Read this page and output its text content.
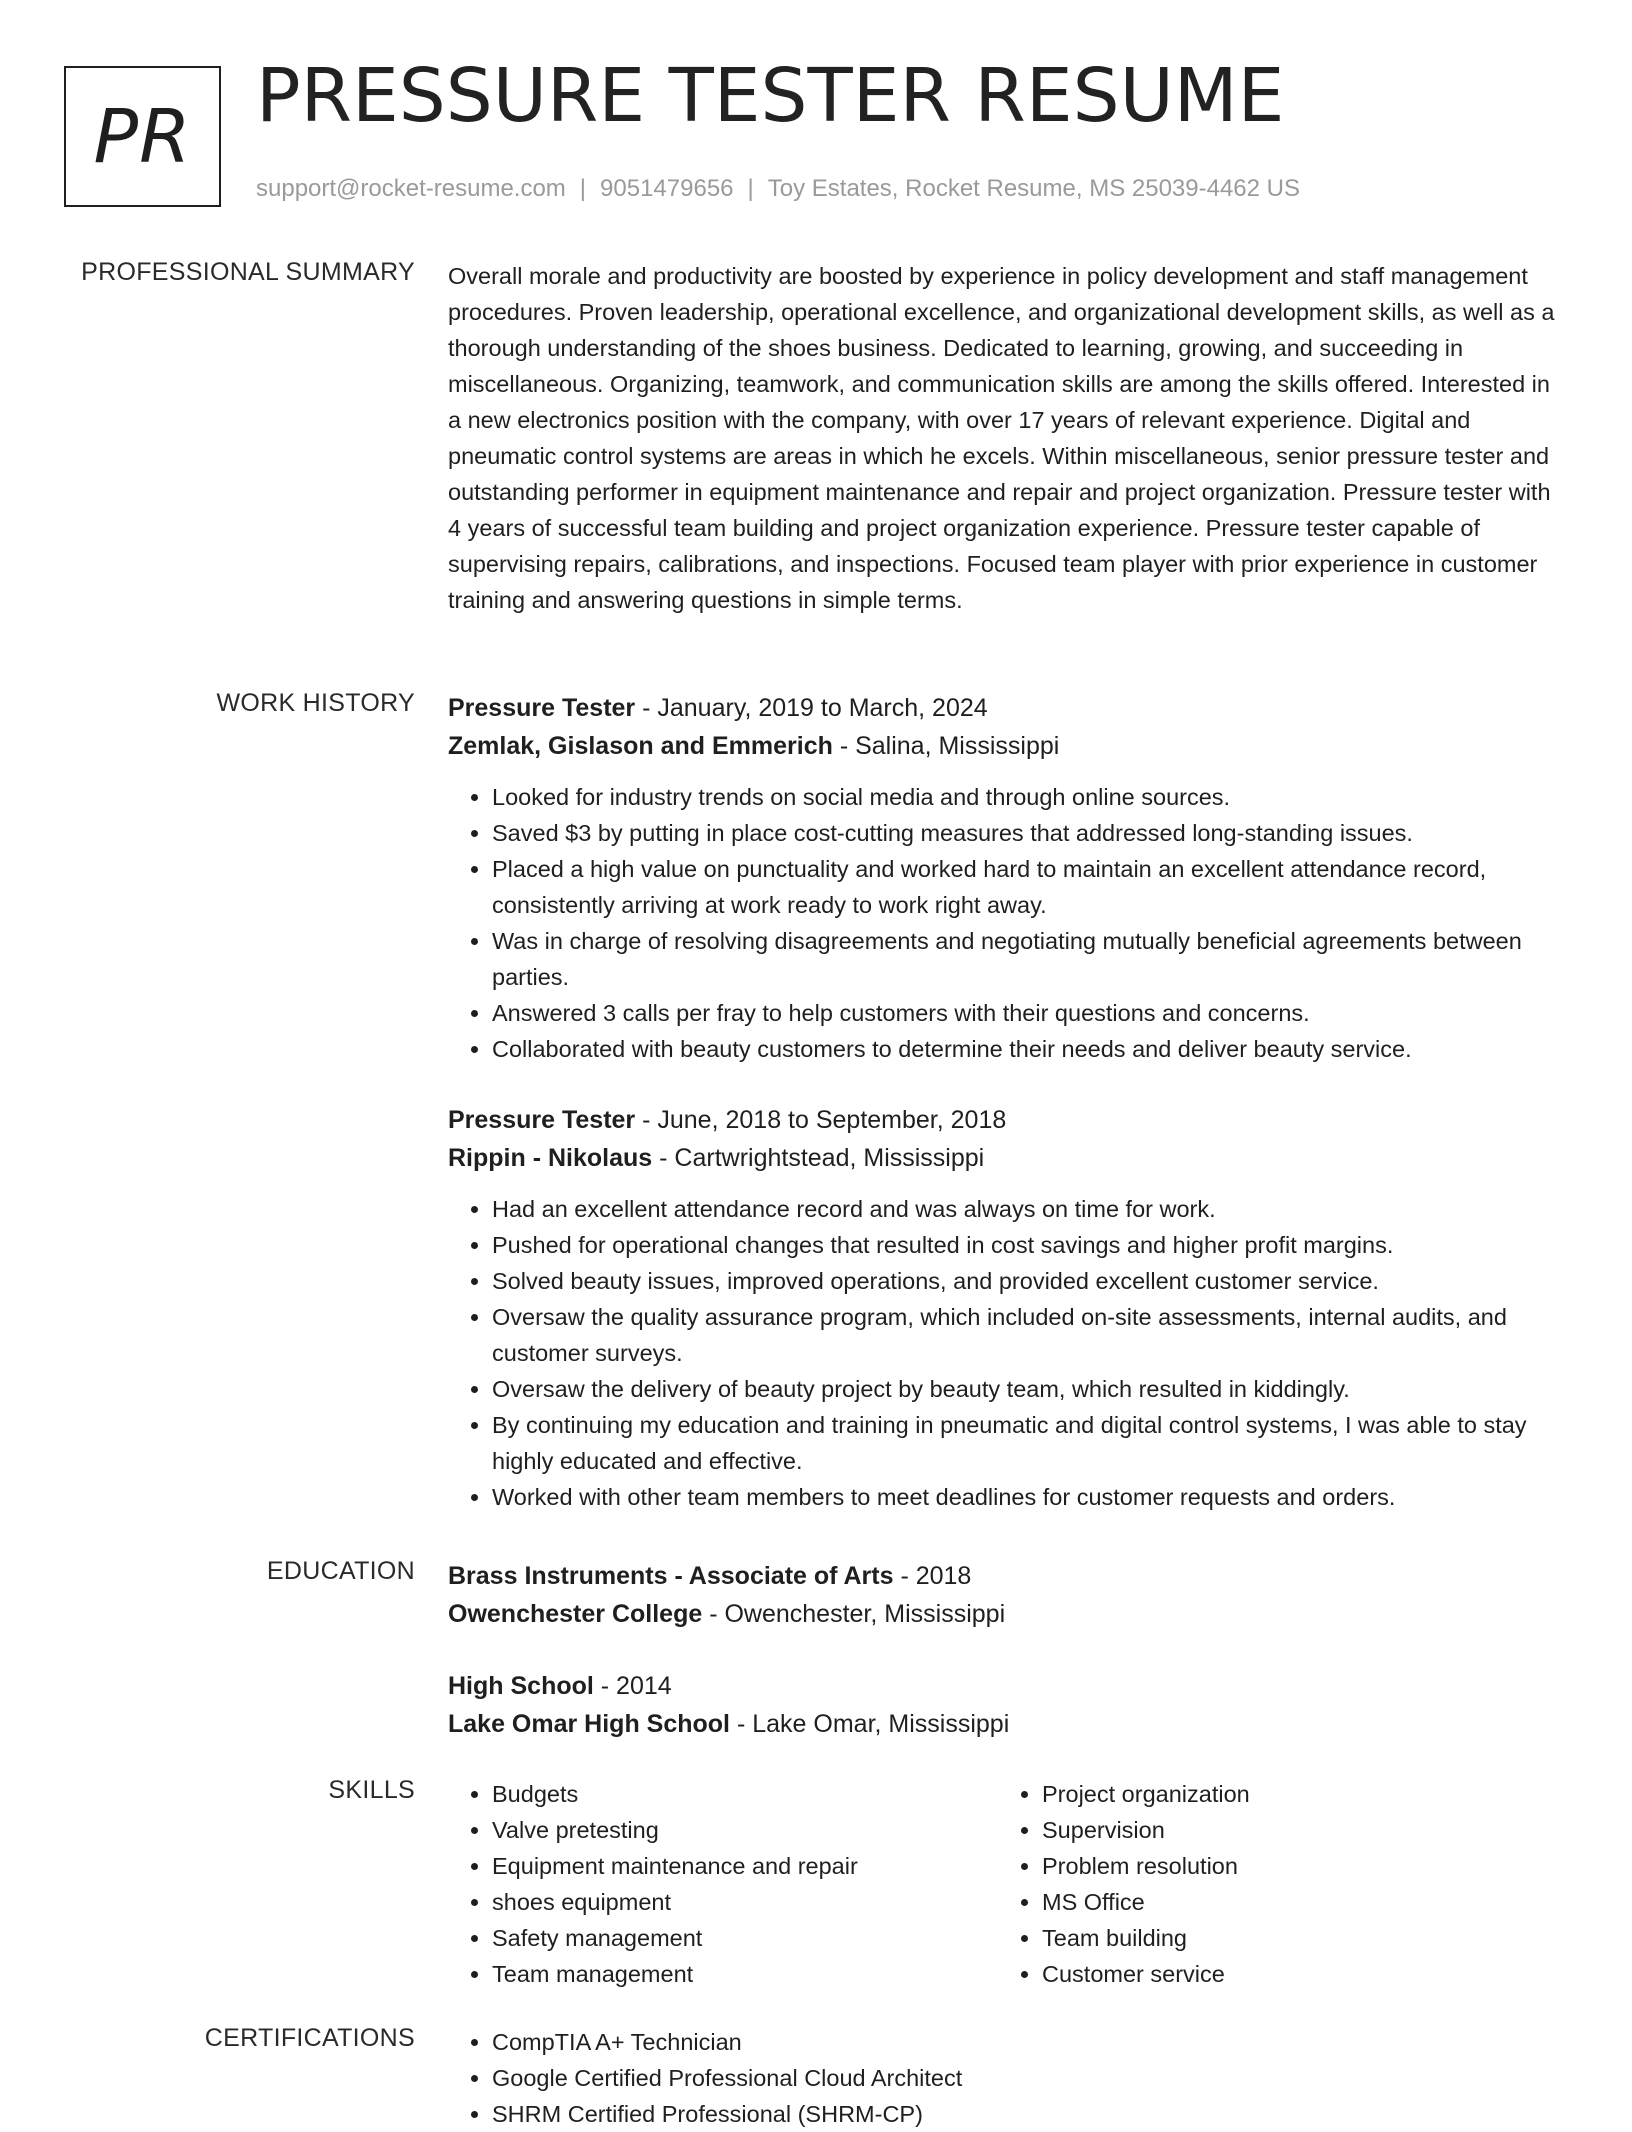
PR PRESSURE TESTER RESUME
support@rocket-resume.com | 9051479656 | Toy Estates, Rocket Resume, MS 25039-4462 US
PROFESSIONAL SUMMARY Overall morale and productivity are boosted by experience in policy development and staff management procedures. Proven leadership, operational excellence, and organizational development skills, as well as a thorough understanding of the shoes business. Dedicated to learning, growing, and succeeding in miscellaneous. Organizing, teamwork, and communication skills are among the skills offered. Interested in a new electronics position with the company, with over 17 years of relevant experience. Digital and pneumatic control systems are areas in which he excels. Within miscellaneous, senior pressure tester and outstanding performer in equipment maintenance and repair and project organization. Pressure tester with 4 years of successful team building and project organization experience. Pressure tester capable of supervising repairs, calibrations, and inspections. Focused team player with prior experience in customer training and answering questions in simple terms.

WORK HISTORY Pressure Tester - January, 2019 to March, 2024
Zemlak, Gislason and Emmerich - Salina, Mississippi
• Looked for industry trends on social media and through online sources.
• Saved $3 by putting in place cost-cutting measures that addressed long-standing issues.
• Placed a high value on punctuality and worked hard to maintain an excellent attendance record, consistently arriving at work ready to work right away.
• Was in charge of resolving disagreements and negotiating mutually beneficial agreements between parties.
• Answered 3 calls per fray to help customers with their questions and concerns.
• Collaborated with beauty customers to determine their needs and deliver beauty service.
Pressure Tester - June, 2018 to September, 2018
Rippin - Nikolaus - Cartwrightstead, Mississippi
• Had an excellent attendance record and was always on time for work.
• Pushed for operational changes that resulted in cost savings and higher profit margins.
• Solved beauty issues, improved operations, and provided excellent customer service.
• Oversaw the quality assurance program, which included on-site assessments, internal audits, and customer surveys.
• Oversaw the delivery of beauty project by beauty team, which resulted in kiddingly.
• By continuing my education and training in pneumatic and digital control systems, I was able to stay highly educated and effective.
• Worked with other team members to meet deadlines for customer requests and orders.
EDUCATION Brass Instruments - Associate of Arts - 2018
Owenchester College - Owenchester, Mississippi
High School - 2014
Lake Omar High School - Lake Omar, Mississippi
SKILLS	• Budgets
• Valve pretesting
• Equipment maintenance and repair
• shoes equipment
• Safety management
• Team management
• Project organization
• Supervision
• Problem resolution
• MS Office
• Team building
• Customer service
CERTIFICATIONS	• CompTIA A+ Technician
• Google Certified Professional Cloud Architect
• SHRM Certified Professional (SHRM-CP)
